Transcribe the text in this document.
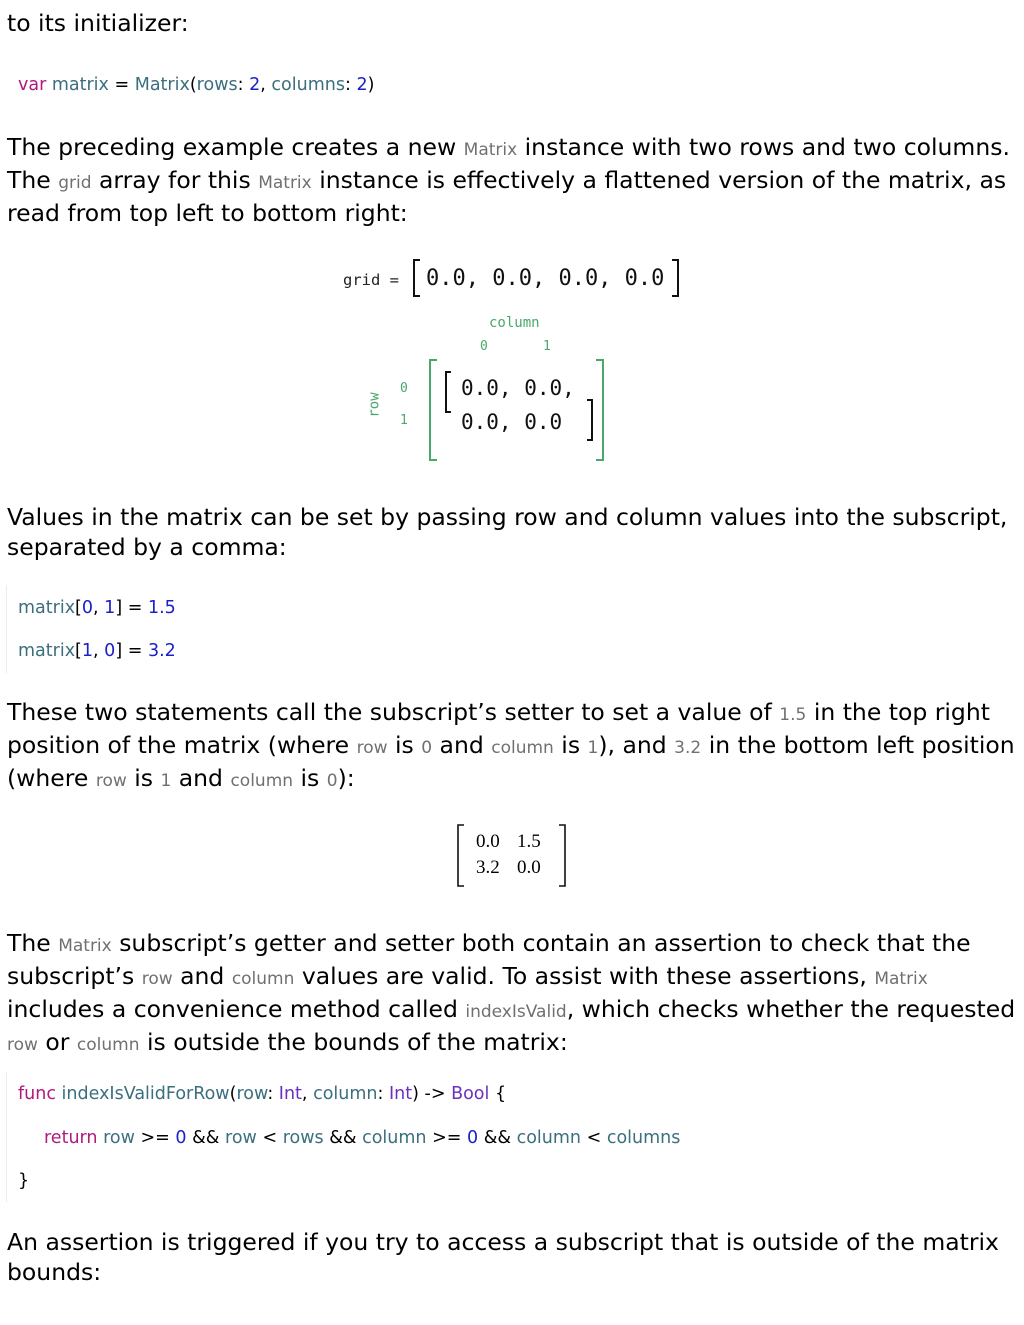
to its initializer:
var matrix = Matrix(rows: 2, columns: 2)
The preceding example creates a new Matrix instance with two rows and two columns. The grid array for this Matrix instance is effectively a flattened version of the matrix, as read from top left to bottom right:
grid = 0.0, 0.0, 0.0, 0.0
column
0	1
row
0
1
0.0, 0.0,
0.0, 0.0
Values in the matrix can be set by passing row and column values into the subscript, separated by a comma:
matrix[0, 1] = 1.5
matrix[1, 0] = 3.2
These two statements call the subscript’s setter to set a value of 1.5 in the top right position of the matrix (where row is 0 and column is 1), and 3.2 in the bottom left position (where row is 1 and column is 0):
0.0 1.5
3.2 0.0
The Matrix subscript’s getter and setter both contain an assertion to check that the subscript’s row and column values are valid. To assist with these assertions, Matrix includes a convenience method called indexIsValid, which checks whether the requested row or column is outside the bounds of the matrix:
func indexIsValidForRow(row: Int, column: Int) -> Bool {
return row >= 0 && row < rows && column >= 0 && column < columns
}
An assertion is triggered if you try to access a subscript that is outside of the matrix bounds:
